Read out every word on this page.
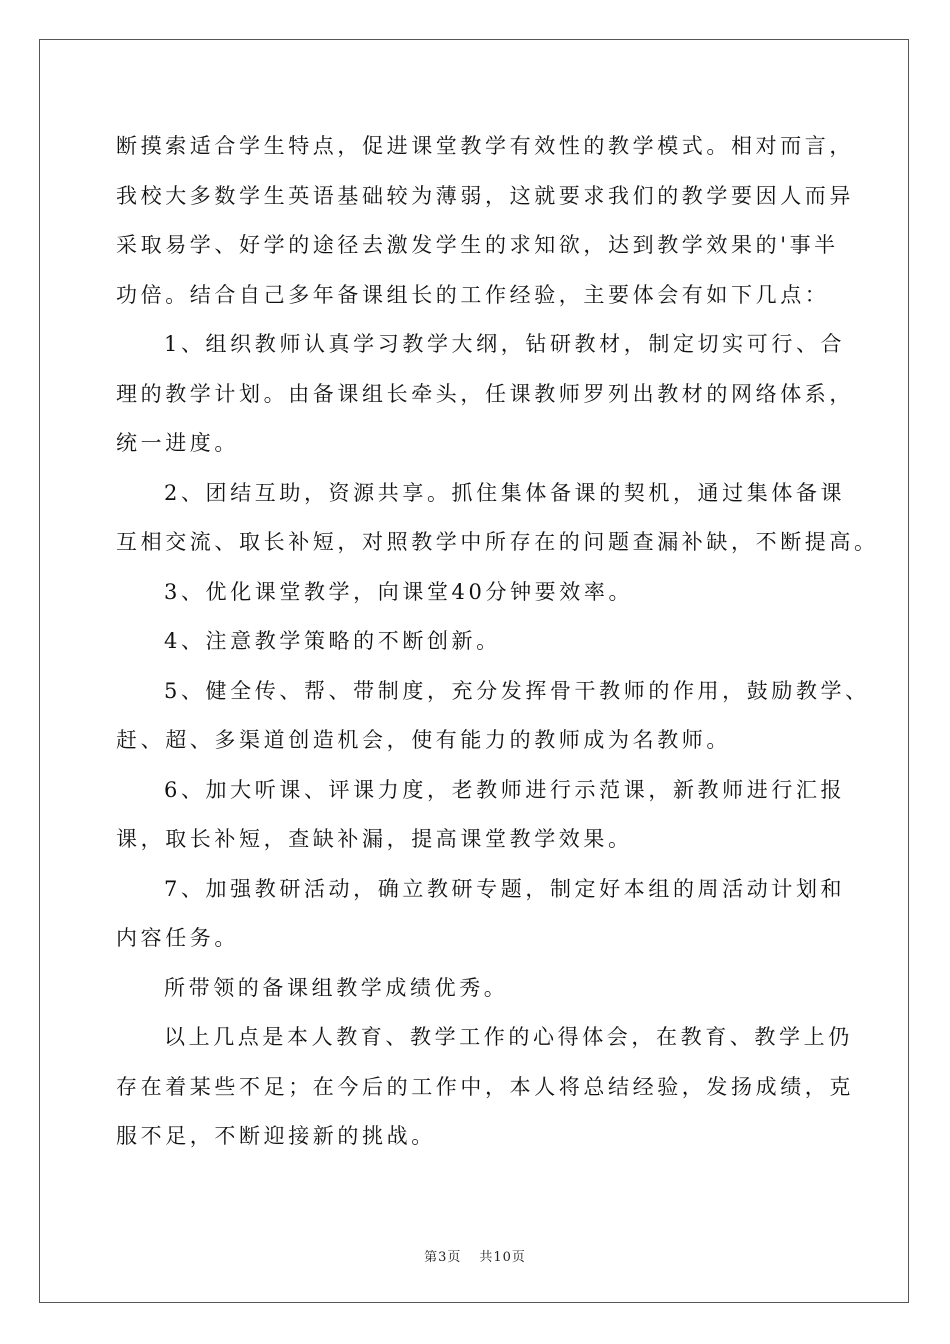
断摸索适合学生特点，促进课堂教学有效性的教学模式。相对而言，
我校大多数学生英语基础较为薄弱，这就要求我们的教学要因人而异
采取易学、好学的途径去激发学生的求知欲，达到教学效果的'事半
功倍。结合自己多年备课组长的工作经验，主要体会有如下几点：

1、组织教师认真学习教学大纲，钻研教材，制定切实可行、合
理的教学计划。由备课组长牵头，任课教师罗列出教材的网络体系，
统一进度。

2、团结互助，资源共享。抓住集体备课的契机，通过集体备课
互相交流、取长补短，对照教学中所存在的问题查漏补缺，不断提高。

3、优化课堂教学，向课堂40分钟要效率。

4、注意教学策略的不断创新。

5、健全传、帮、带制度，充分发挥骨干教师的作用，鼓励教学、
赶、超、多渠道创造机会，使有能力的教师成为名教师。

6、加大听课、评课力度，老教师进行示范课，新教师进行汇报
课，取长补短，查缺补漏，提高课堂教学效果。

7、加强教研活动，确立教研专题，制定好本组的周活动计划和
内容任务。

所带领的备课组教学成绩优秀。

以上几点是本人教育、教学工作的心得体会，在教育、教学上仍
存在着某些不足；在今后的工作中，本人将总结经验，发扬成绩，克
服不足，不断迎接新的挑战。

第3页 共10页
